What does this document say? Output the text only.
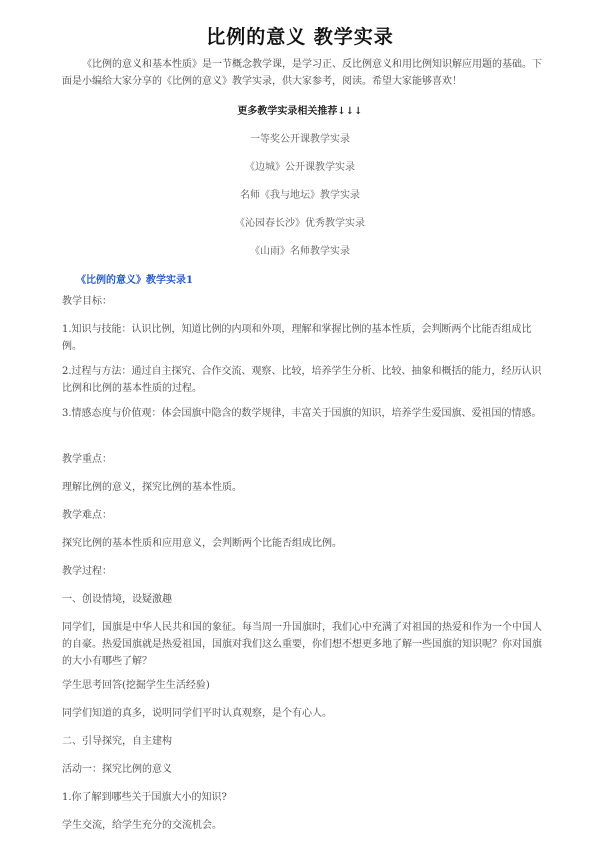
比例的意义 教学实录
《比例的意义和基本性质》是一节概念教学课，是学习正、反比例意义和用比例知识解应用题的基础。下面是小编给大家分享的《比例的意义》教学实录，供大家参考，阅读。希望大家能够喜欢！
更多教学实录相关推荐↓↓↓
一等奖公开课教学实录
《边城》公开课教学实录
名师《我与地坛》教学实录
《沁园春长沙》优秀教学实录
《山雨》名师教学实录
《比例的意义》教学实录1
教学目标：
1.知识与技能：认识比例，知道比例的内项和外项，理解和掌握比例的基本性质，会判断两个比能否组成比例。
2.过程与方法：通过自主探究、合作交流、观察、比较，培养学生分析、比较、抽象和概括的能力，经历认识比例和比例的基本性质的过程。
3.情感态度与价值观：体会国旗中隐含的数学规律，丰富关于国旗的知识，培养学生爱国旗、爱祖国的情感。
教学重点：
理解比例的意义，探究比例的基本性质。
教学难点：
探究比例的基本性质和应用意义，会判断两个比能否组成比例。
教学过程：
一、创设情境，设疑激趣
同学们，国旗是中华人民共和国的象征。每当周一升国旗时，我们心中充满了对祖国的热爱和作为一个中国人的自豪。热爱国旗就是热爱祖国，国旗对我们这么重要，你们想不想更多地了解一些国旗的知识呢？你对国旗的大小有哪些了解？
学生思考回答(挖掘学生生活经验)
同学们知道的真多，说明同学们平时认真观察，是个有心人。
二、引导探究，自主建构
活动一：探究比例的意义
1.你了解到哪些关于国旗大小的知识?
学生交流，给学生充分的交流机会。
